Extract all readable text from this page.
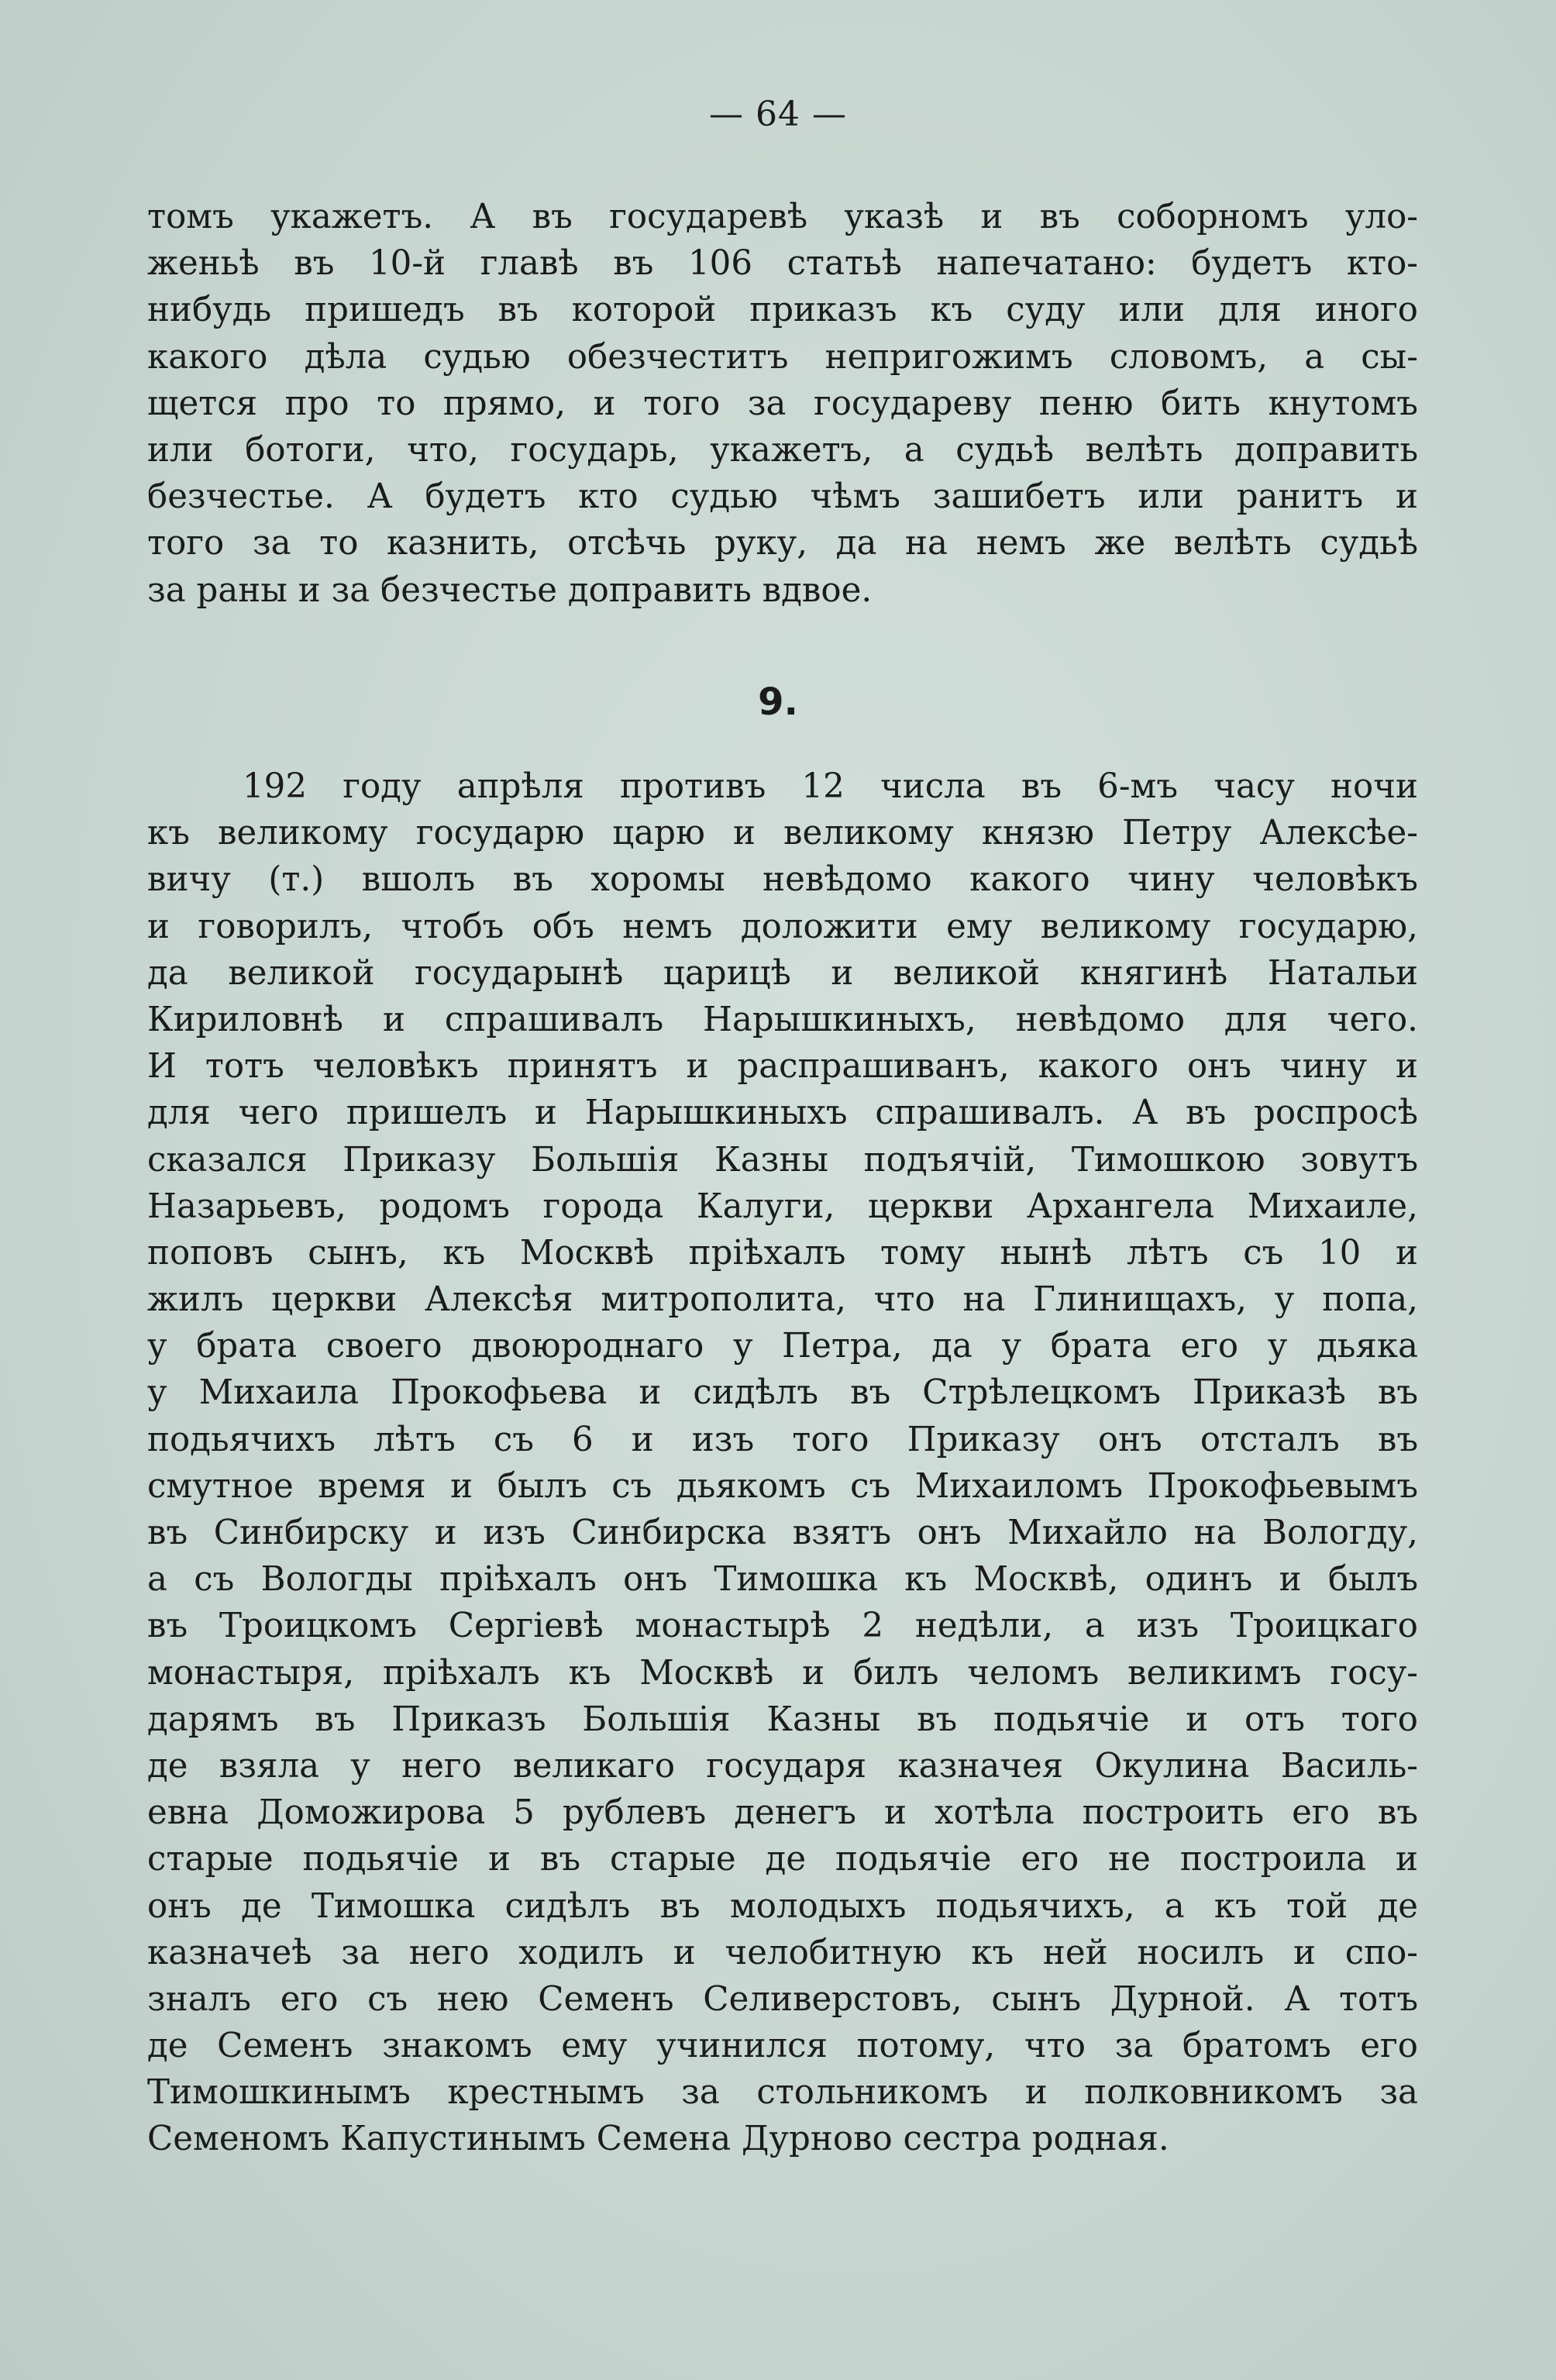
— 64 —
томъ укажетъ. А въ государевѣ указѣ и въ соборномъ уло-
женьѣ въ 10-й главѣ въ 106 статьѣ напечатано: будетъ кто-
нибудь пришедъ въ которой приказъ къ суду или для иного
какого дѣла судью обезчеститъ непригожимъ словомъ, а сы-
щется про то прямо, и того за государеву пеню бить кнутомъ
или ботоги, что, государь, укажетъ, а судьѣ велѣть доправить
безчестье. А будетъ кто судью чѣмъ зашибетъ или ранитъ и
того за то казнить, отсѣчь руку, да на немъ же велѣть судьѣ
за раны и за безчестье доправить вдвое.
9.
192 году апрѣля противъ 12 числа въ 6-мъ часу ночи
къ великому государю царю и великому князю Петру Алексѣе-
вичу (т.) вшолъ въ хоромы невѣдомо какого чину человѣкъ
и говорилъ, чтобъ объ немъ доложити ему великому государю,
да великой государынѣ царицѣ и великой княгинѣ Натальи
Кириловнѣ и спрашивалъ Нарышкиныхъ, невѣдомо для чего.
И тотъ человѣкъ принятъ и распрашиванъ, какого онъ чину и
для чего пришелъ и Нарышкиныхъ спрашивалъ. А въ роспросѣ
сказался Приказу Большія Казны подъячій, Тимошкою зовутъ
Назарьевъ, родомъ города Калуги, церкви Архангела Михаиле,
поповъ сынъ, къ Москвѣ пріѣхалъ тому нынѣ лѣтъ съ 10 и
жилъ церкви Алексѣя митрополита, что на Глинищахъ, у попа,
у брата своего двоюроднаго у Петра, да у брата его у дьяка
у Михаила Прокофьева и сидѣлъ въ Стрѣлецкомъ Приказѣ въ
подьячихъ лѣтъ съ 6 и изъ того Приказу онъ отсталъ въ
смутное время и былъ съ дьякомъ съ Михаиломъ Прокофьевымъ
въ Синбирску и изъ Синбирска взятъ онъ Михайло на Вологду,
а съ Вологды пріѣхалъ онъ Тимошка къ Москвѣ, одинъ и былъ
въ Троицкомъ Сергіевѣ монастырѣ 2 недѣли, а изъ Троицкаго
монастыря, пріѣхалъ къ Москвѣ и билъ челомъ великимъ госу-
дарямъ въ Приказъ Большія Казны въ подьячіе и отъ того
де взяла у него великаго государя казначея Окулина Василь-
евна Доможирова 5 рублевъ денегъ и хотѣла построить его въ
старые подьячіе и въ старые де подьячіе его не построила и
онъ де Тимошка сидѣлъ въ молодыхъ подьячихъ, а къ той де
казначеѣ за него ходилъ и челобитную къ ней носилъ и спо-
зналъ его съ нею Семенъ Селиверстовъ, сынъ Дурной. А тотъ
де Семенъ знакомъ ему учинился потому, что за братомъ его
Тимошкинымъ крестнымъ за стольникомъ и полковникомъ за
Семеномъ Капустинымъ Семена Дурново сестра родная.
